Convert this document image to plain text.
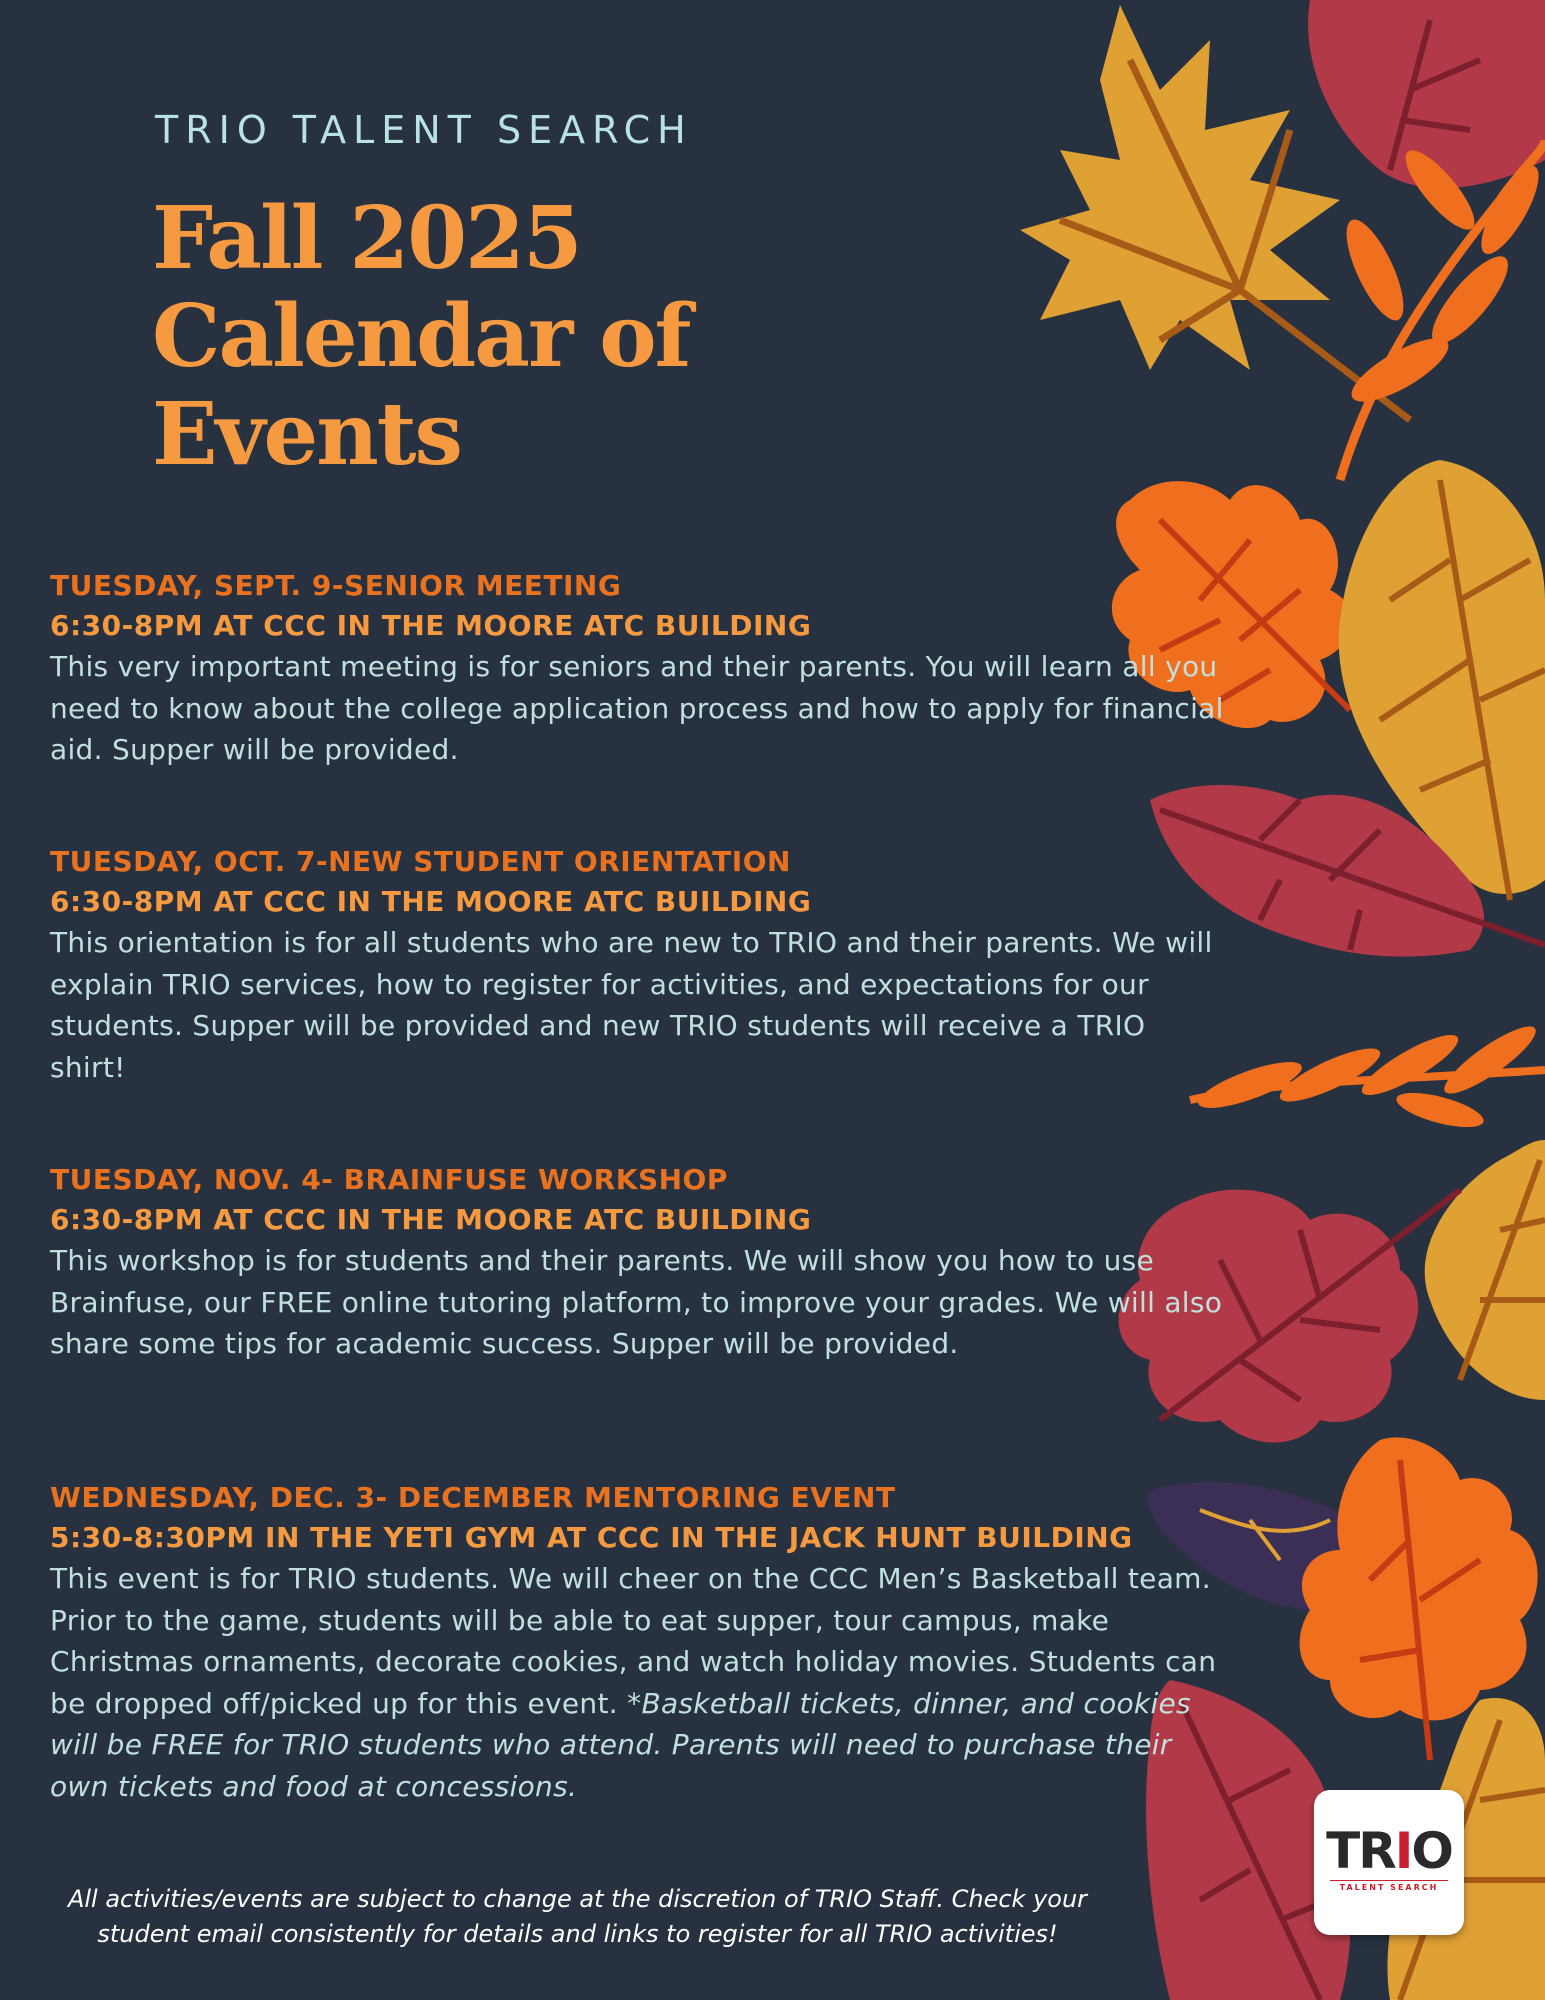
TRIO TALENT SEARCH
Fall 2025
Calendar of
Events
TUESDAY, SEPT. 9-SENIOR MEETING
6:30-8PM AT CCC IN THE MOORE ATC BUILDING
This very important meeting is for seniors and their parents. You will learn all you need to know about the college application process and how to apply for financial aid. Supper will be provided.
TUESDAY, OCT. 7-NEW STUDENT ORIENTATION
6:30-8PM AT CCC IN THE MOORE ATC BUILDING
This orientation is for all students who are new to TRIO and their parents. We will explain TRIO services, how to register for activities, and expectations for our students. Supper will be provided and new TRIO students will receive a TRIO shirt!
TUESDAY, NOV. 4- BRAINFUSE WORKSHOP
6:30-8PM AT CCC IN THE MOORE ATC BUILDING
This workshop is for students and their parents. We will show you how to use Brainfuse, our FREE online tutoring platform, to improve your grades. We will also share some tips for academic success. Supper will be provided.
WEDNESDAY, DEC. 3- DECEMBER MENTORING EVENT
5:30-8:30PM IN THE YETI GYM AT CCC IN THE JACK HUNT BUILDING
This event is for TRIO students. We will cheer on the CCC Men’s Basketball team. Prior to the game, students will be able to eat supper, tour campus, make Christmas ornaments, decorate cookies, and watch holiday movies. Students can be dropped off/picked up for this event. *Basketball tickets, dinner, and cookies will be FREE for TRIO students who attend. Parents will need to purchase their own tickets and food at concessions.
All activities/events are subject to change at the discretion of TRIO Staff. Check your student email consistently for details and links to register for all TRIO activities!
TRIO
TALENT SEARCH
